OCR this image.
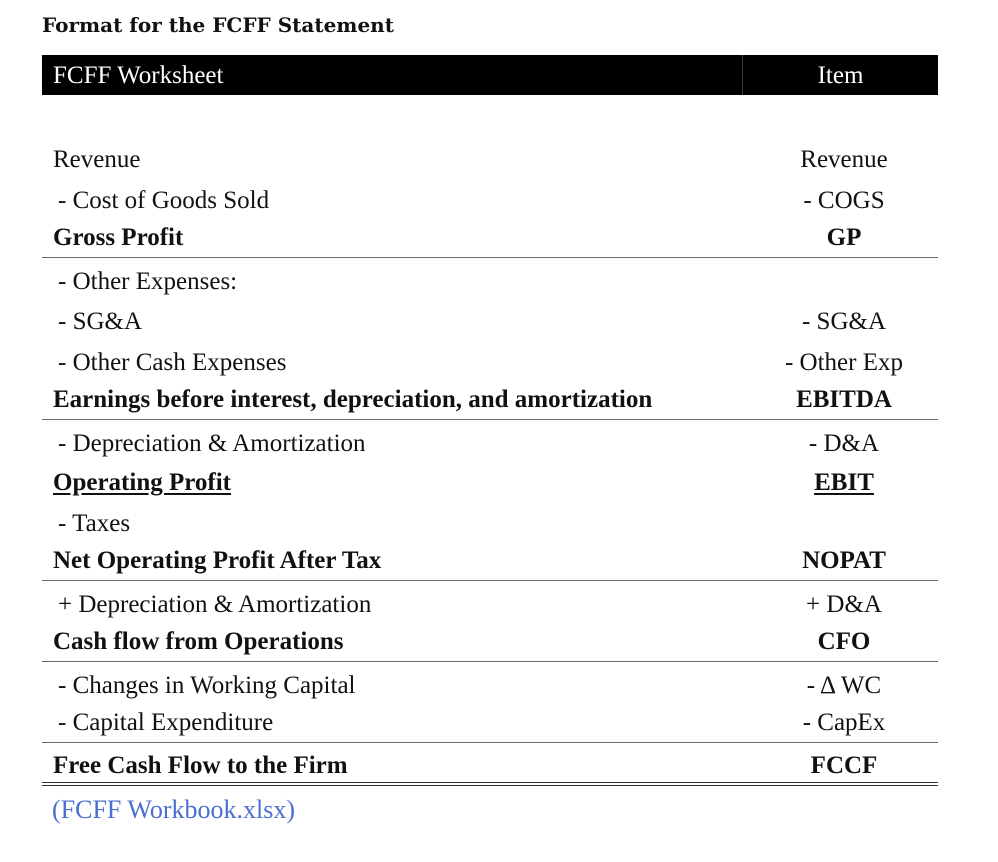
Format for the FCFF Statement
FCFF Worksheet	Item
Revenue	Revenue
- Cost of Goods Sold	- COGS
Gross Profit	GP
- Other Expenses:
- SG&A	- SG&A
- Other Cash Expenses	- Other Exp
Earnings before interest, depreciation, and amortization	EBITDA
- Depreciation & Amortization	- D&A
Operating Profit	EBIT
- Taxes
Net Operating Profit After Tax	NOPAT
+ Depreciation & Amortization	+ D&A
Cash flow from Operations	CFO
- Changes in Working Capital	- Δ WC
- Capital Expenditure	- CapEx
Free Cash Flow to the Firm	FCCF
(FCFF Workbook.xlsx)
